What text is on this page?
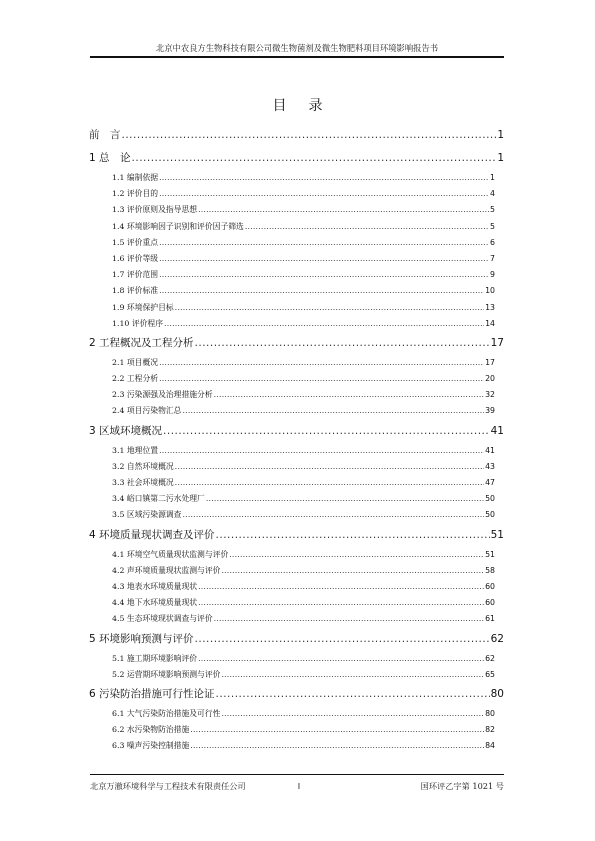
北京中农良方生物科技有限公司微生物菌剂及微生物肥料项目环境影响报告书
目录
前　言 .....	1
1 总　论 .....	1
1.1 编制依据 .....	1
1.2 评价目的 .....	4
1.3 评价原则及指导思想 .....	5
1.4 环境影响因子识别和评价因子筛选 .....	5
1.5 评价重点 .....	6
1.6 评价等级 .....	7
1.7 评价范围 .....	9
1.8 评价标准 .....	10
1.9 环境保护目标 .....	13
1.10 评价程序 .....	14
2 工程概况及工程分析 .....	17
2.1 项目概况 .....	17
2.2 工程分析 .....	20
2.3 污染源强及治理措施分析 .....	32
2.4 项目污染物汇总 .....	39
3 区域环境概况 .....	41
3.1 地理位置 .....	41
3.2 自然环境概况 .....	43
3.3 社会环境概况 .....	47
3.4 峪口镇第二污水处理厂 .....	50
3.5 区域污染源调查 .....	50
4 环境质量现状调查及评价 .....	51
4.1 环境空气质量现状监测与评价 .....	51
4.2 声环境质量现状监测与评价 .....	58
4.3 地表水环境质量现状 .....	60
4.4 地下水环境质量现状 .....	60
4.5 生态环境现状调查与评价 .....	61
5 环境影响预测与评价 .....	62
5.1 施工期环境影响评价 .....	62
5.2 运营期环境影响预测与评价 .....	65
6 污染防治措施可行性论证 .....	80
6.1 大气污染防治措施及可行性 .....	80
6.2 水污染物防治措施 .....	82
6.3 噪声污染控制措施 .....	84
北京万澈环境科学与工程技术有限责任公司	I	国环评乙字第 1021 号
